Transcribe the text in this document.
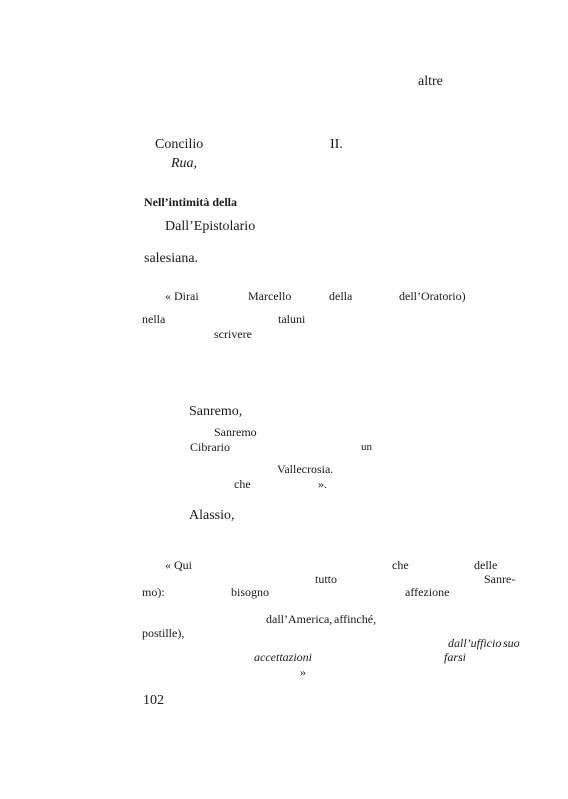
altre
Concilio	II.
Rua,
Nell’intimità della
Dall’Epistolario
salesiana.
« Dirai	Marcello	della	dell’Oratorio)
nella	taluni
scrivere
Sanremo,
Sanremo
Cibrario	un
Vallecrosia.
che	».
Alassio,
« Qui	che	delle
tutto	Sanre-
mo):	bisogno	affezione
dall’America, affinché,
postille),
dall’ufficio suo
accettazioni	farsi
»
102
